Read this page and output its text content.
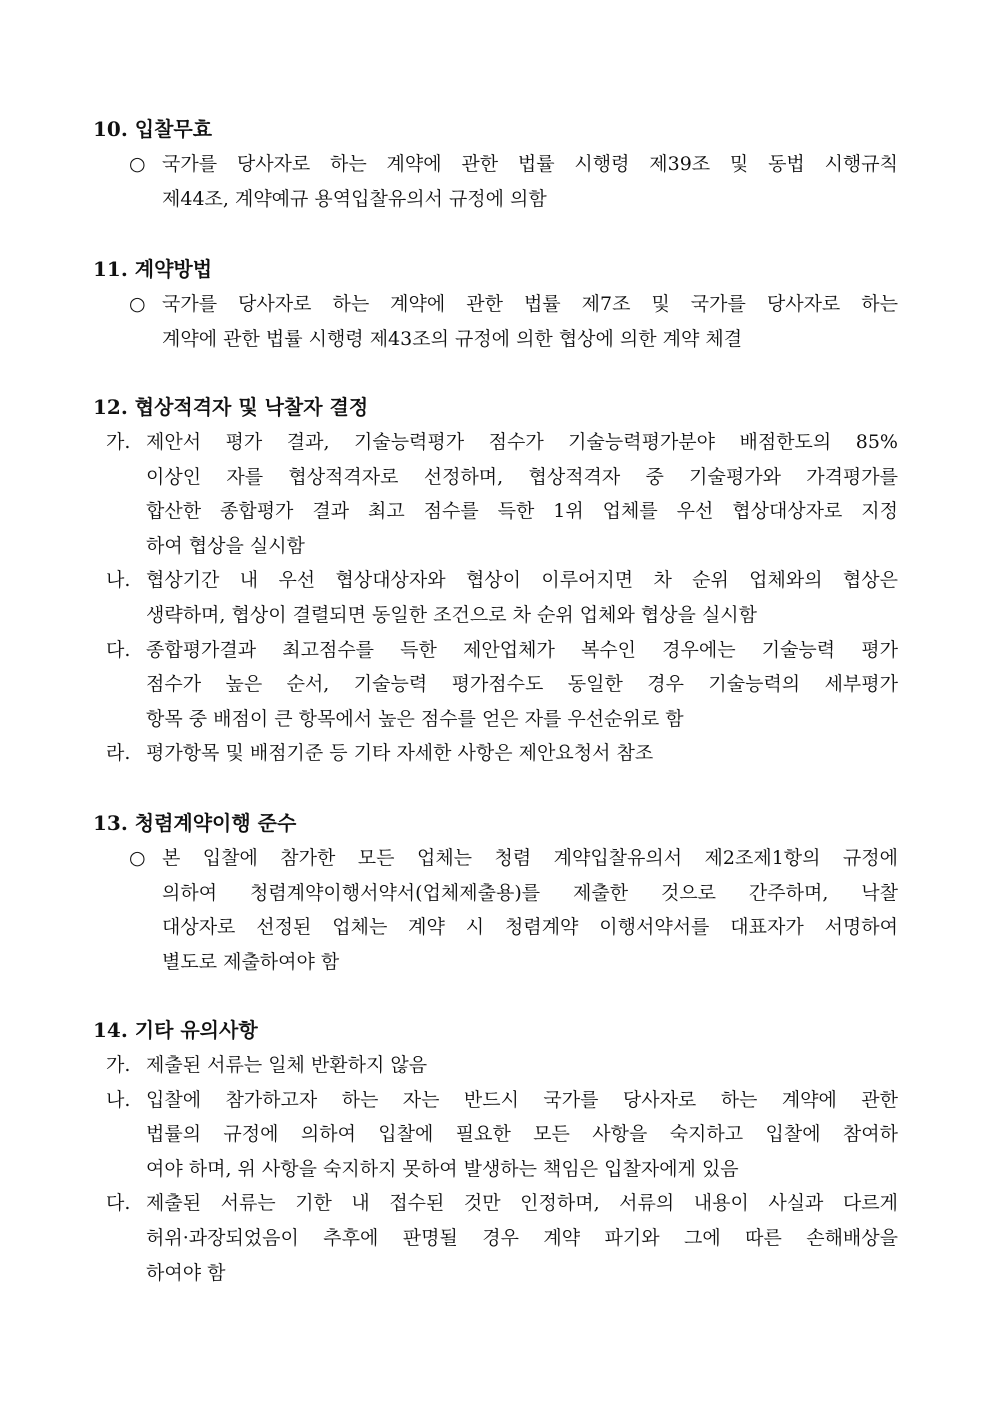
10. 입찰무효
○ 국가를 당사자로 하는 계약에 관한 법률 시행령 제39조 및 동법 시행규칙
제44조, 계약예규 용역입찰유의서 규정에 의함
11. 계약방법
○ 국가를 당사자로 하는 계약에 관한 법률 제7조 및 국가를 당사자로 하는
계약에 관한 법률 시행령 제43조의 규정에 의한 협상에 의한 계약 체결
12. 협상적격자 및 낙찰자 결정
가. 제안서 평가 결과, 기술능력평가 점수가 기술능력평가분야 배점한도의 85%
이상인 자를 협상적격자로 선정하며, 협상적격자 중 기술평가와 가격평가를
합산한 종합평가 결과 최고 점수를 득한 1위 업체를 우선 협상대상자로 지정
하여 협상을 실시함
나. 협상기간 내 우선 협상대상자와 협상이 이루어지면 차 순위 업체와의 협상은
생략하며, 협상이 결렬되면 동일한 조건으로 차 순위 업체와 협상을 실시함
다. 종합평가결과 최고점수를 득한 제안업체가 복수인 경우에는 기술능력 평가
점수가 높은 순서, 기술능력 평가점수도 동일한 경우 기술능력의 세부평가
항목 중 배점이 큰 항목에서 높은 점수를 얻은 자를 우선순위로 함
라. 평가항목 및 배점기준 등 기타 자세한 사항은 제안요청서 참조
13. 청렴계약이행 준수
○ 본 입찰에 참가한 모든 업체는 청렴 계약입찰유의서 제2조제1항의 규정에
의하여 청렴계약이행서약서(업체제출용)를 제출한 것으로 간주하며, 낙찰
대상자로 선정된 업체는 계약 시 청렴계약 이행서약서를 대표자가 서명하여
별도로 제출하여야 함
14. 기타 유의사항
가. 제출된 서류는 일체 반환하지 않음
나. 입찰에 참가하고자 하는 자는 반드시 국가를 당사자로 하는 계약에 관한
법률의 규정에 의하여 입찰에 필요한 모든 사항을 숙지하고 입찰에 참여하
여야 하며, 위 사항을 숙지하지 못하여 발생하는 책임은 입찰자에게 있음
다. 제출된 서류는 기한 내 접수된 것만 인정하며, 서류의 내용이 사실과 다르게
허위·과장되었음이 추후에 판명될 경우 계약 파기와 그에 따른 손해배상을
하여야 함
